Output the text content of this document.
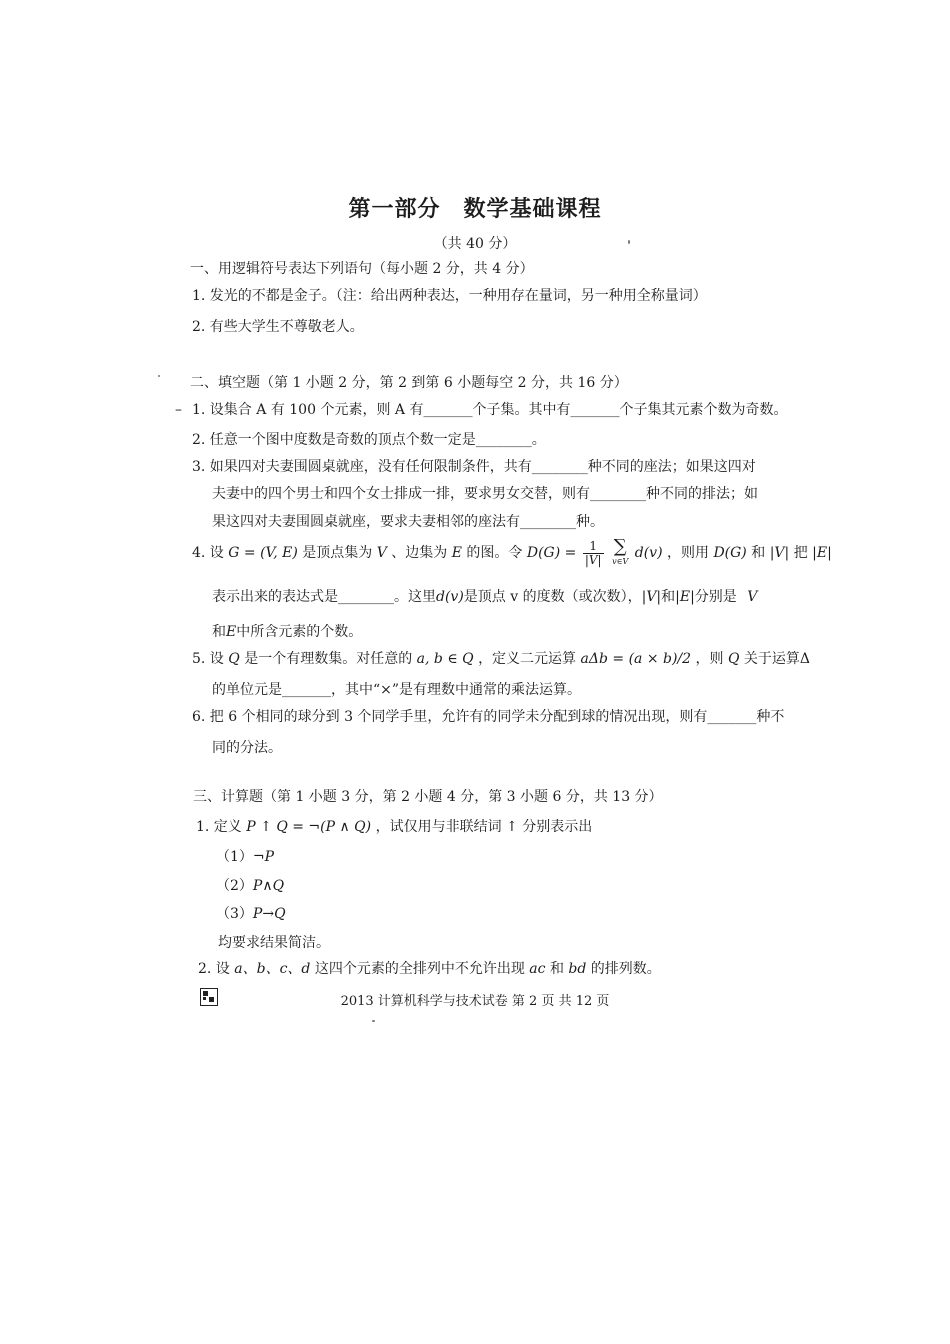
第一部分　数学基础课程
（共 40 分）
一、用逻辑符号表达下列语句（每小题 2 分，共 4 分）
1. 发光的不都是金子。（注：给出两种表达，一种用存在量词，另一种用全称量词）
2. 有些大学生不尊敬老人。
二、填空题（第 1 小题 2 分，第 2 到第 6 小题每空 2 分，共 16 分）
– 1. 设集合 A 有 100 个元素，则 A 有_______个子集。其中有_______个子集其元素个数为奇数。
2. 任意一个图中度数是奇数的顶点个数一定是________。
3. 如果四对夫妻围圆桌就座，没有任何限制条件，共有________种不同的座法；如果这四对
夫妻中的四个男士和四个女士排成一排，要求男女交替，则有________种不同的排法；如
果这四对夫妻围圆桌就座，要求夫妻相邻的座法有________种。
4. 设 G = (V, E) 是顶点集为 V 、边集为 E 的图。令 $D(G) = \frac{1}{|V|}$
∑
v∈V
d(v) ，则用 D(G) 和 |V| 把 |E|
表示出来的表达式是________。这里d(v)是顶点 v 的度数（或次数），|V|和|E|分别是 V
和E中所含元素的个数。
5. 设 Q 是一个有理数集。对任意的 a, b ∈ Q ，定义二元运算 aΔb = (a × b)/2 ，则 Q 关于运算Δ
的单位元是_______，其中“×”是有理数中通常的乘法运算。
6. 把 6 个相同的球分到 3 个同学手里，允许有的同学未分配到球的情况出现，则有_______种不
同的分法。
三、计算题（第 1 小题 3 分，第 2 小题 4 分，第 3 小题 6 分，共 13 分）
1. 定义 P ↑ Q = ¬(P ∧ Q) ，试仅用与非联结词 ↑ 分别表示出
（1）¬P
（2）P∧Q
（3）P→Q
均要求结果简洁。
2. 设 a、b、c、d 这四个元素的全排列中不允许出现 ac 和 bd 的排列数。
2013 计算机科学与技术试卷 第 2 页 共 12 页
